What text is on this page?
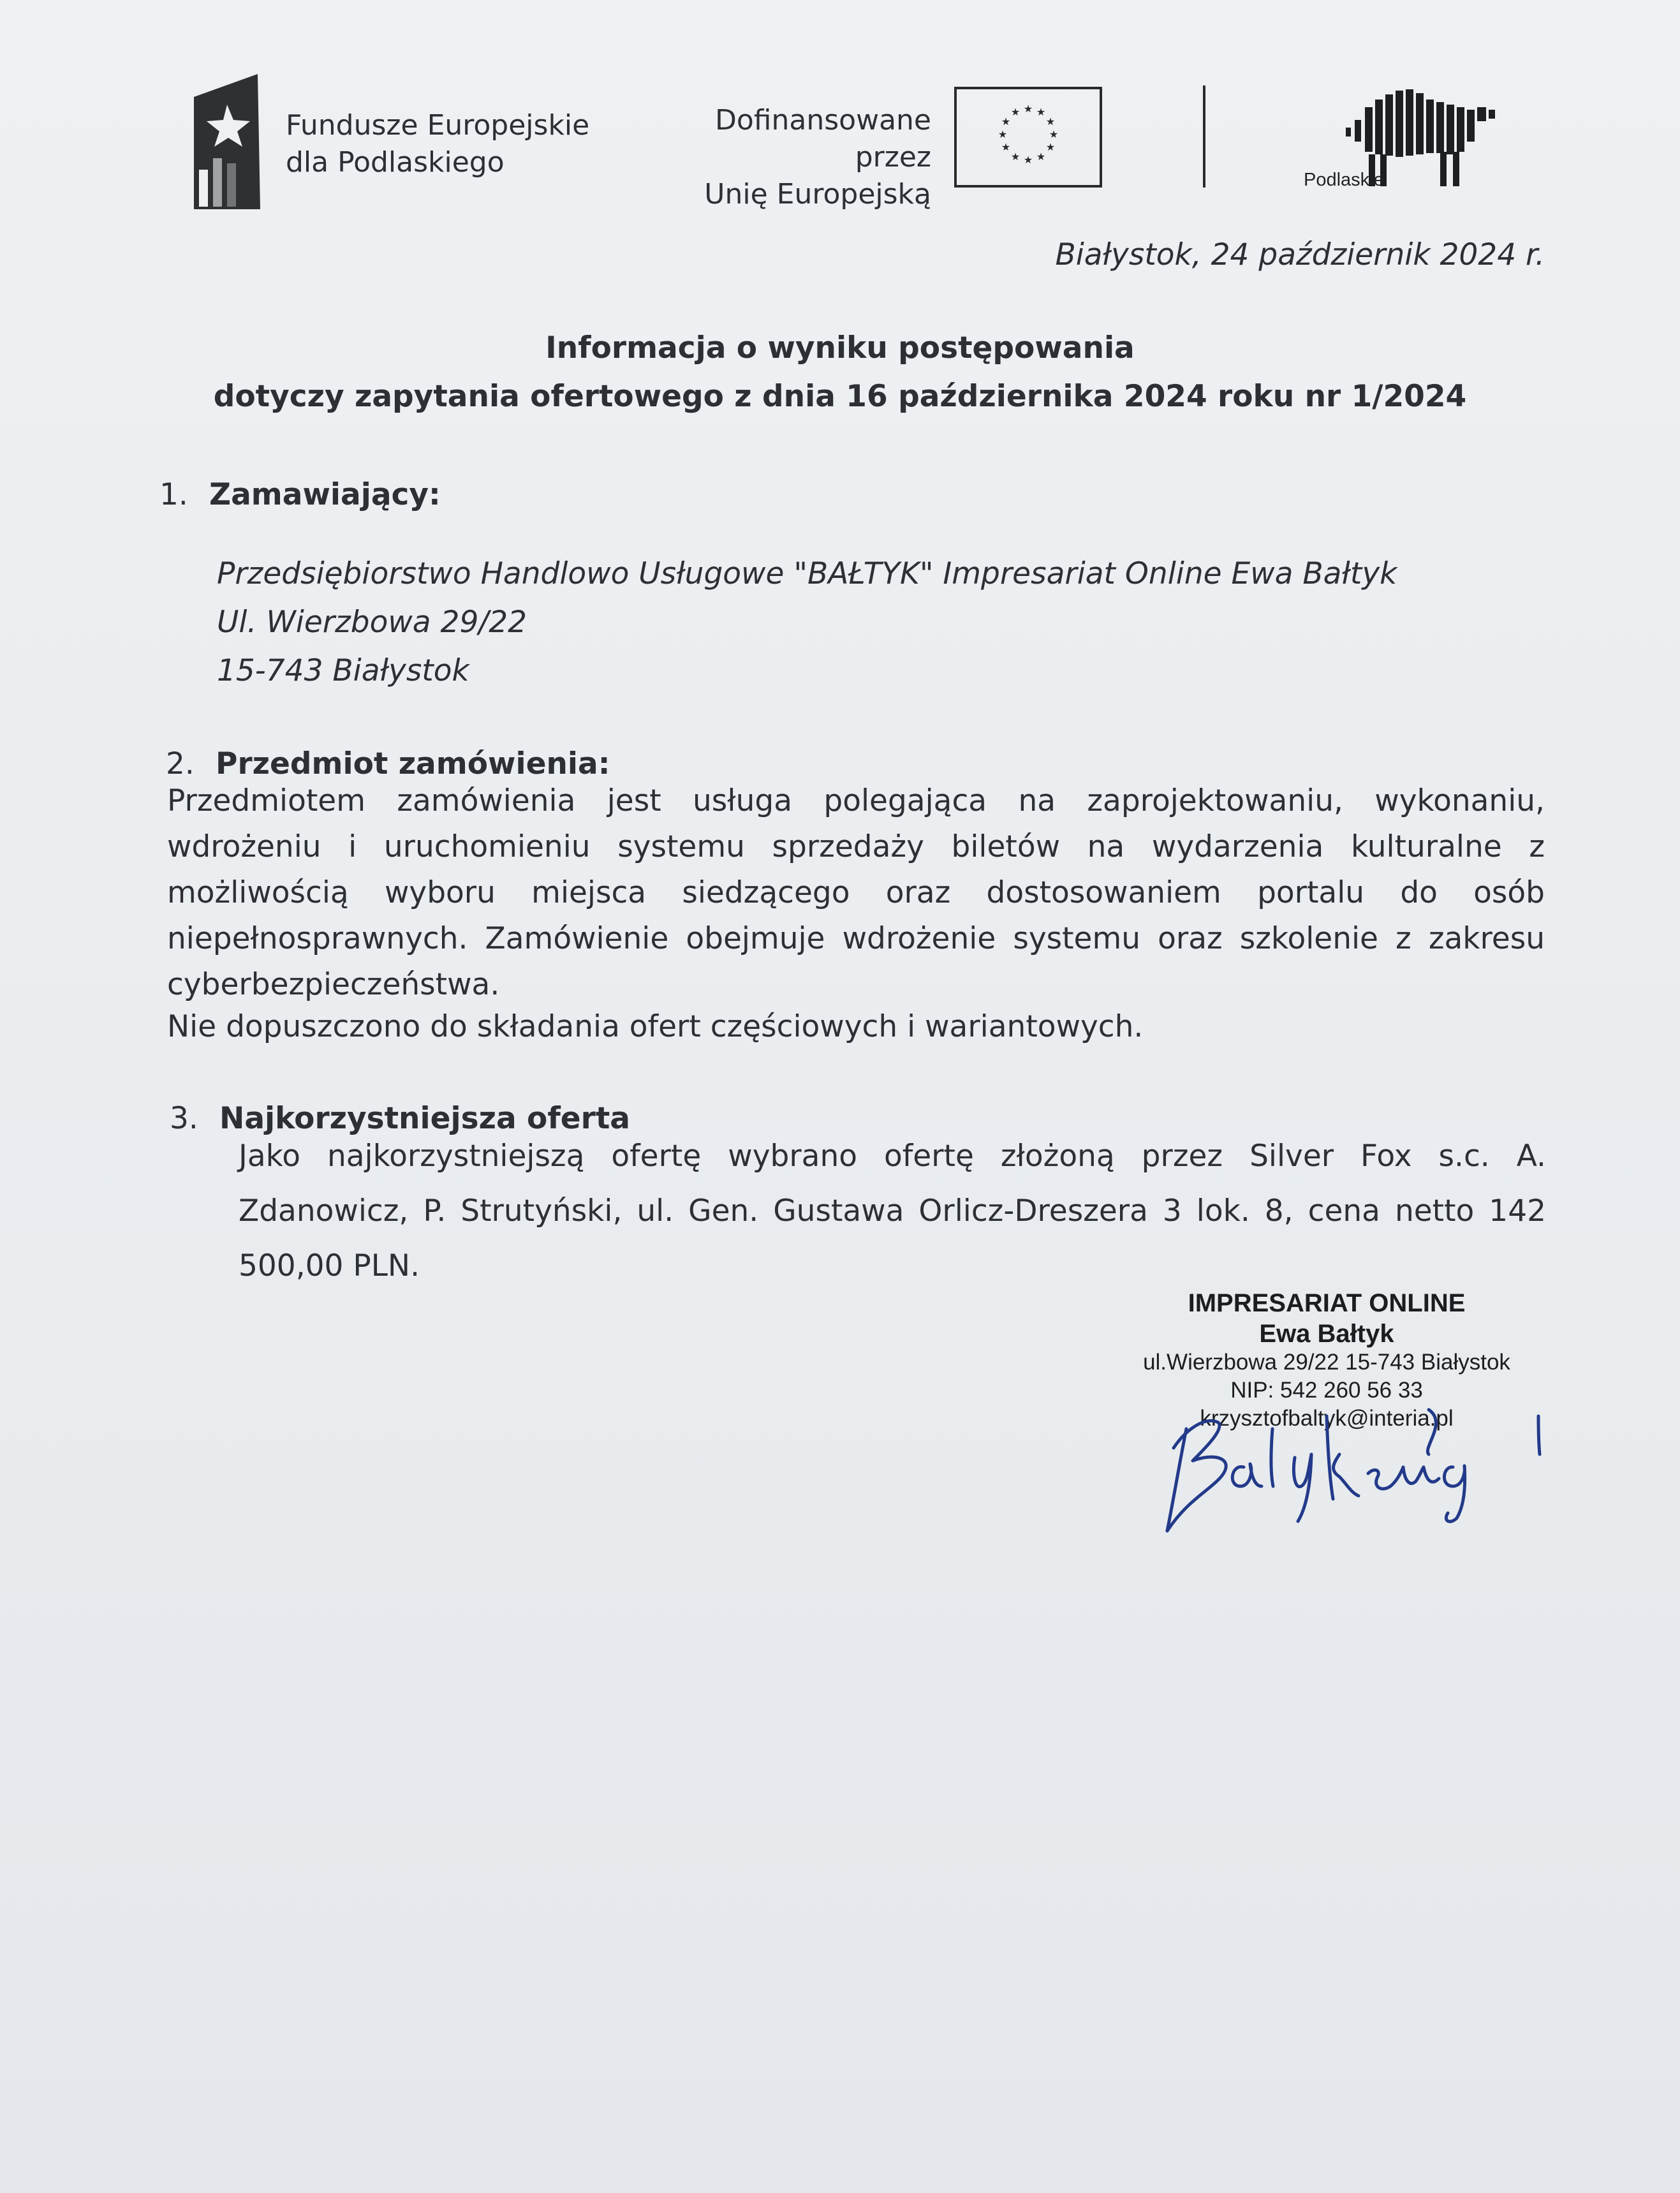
Fundusze Europejskie
dla Podlaskiego
Dofinansowane przez
Unię Europejską
★ ★
★
★
★
★
★
★
★
★
★
★
Podlaskie
Białystok, 24 październik 2024 r.
Informacja o wyniku postępowania
dotyczy zapytania ofertowego z dnia 16 października 2024 roku nr 1/2024
1. Zamawiający:
Przedsiębiorstwo Handlowo Usługowe "BAŁTYK" Impresariat Online Ewa Bałtyk
Ul. Wierzbowa 29/22
15-743 Białystok
2. Przedmiot zamówienia:
Przedmiotem zamówienia jest usługa polegająca na zaprojektowaniu, wykonaniu, wdrożeniu i uruchomieniu systemu sprzedaży biletów na wydarzenia kulturalne z możliwością wyboru miejsca siedzącego oraz dostosowaniem portalu do osób niepełnosprawnych. Zamówienie obejmuje wdrożenie systemu oraz szkolenie z zakresu cyberbezpieczeństwa.
Nie dopuszczono do składania ofert częściowych i wariantowych.
3. Najkorzystniejsza oferta
Jako najkorzystniejszą ofertę wybrano ofertę złożoną przez Silver Fox s.c. A. Zdanowicz, P. Strutyński, ul. Gen. Gustawa Orlicz-Dreszera 3 lok. 8, cena netto 142 500,00 PLN.
IMPRESARIAT ONLINE
Ewa Bałtyk
ul.Wierzbowa 29/22 15-743 Białystok
NIP: 542 260 56 33
krzysztofbaltyk@interia.pl
